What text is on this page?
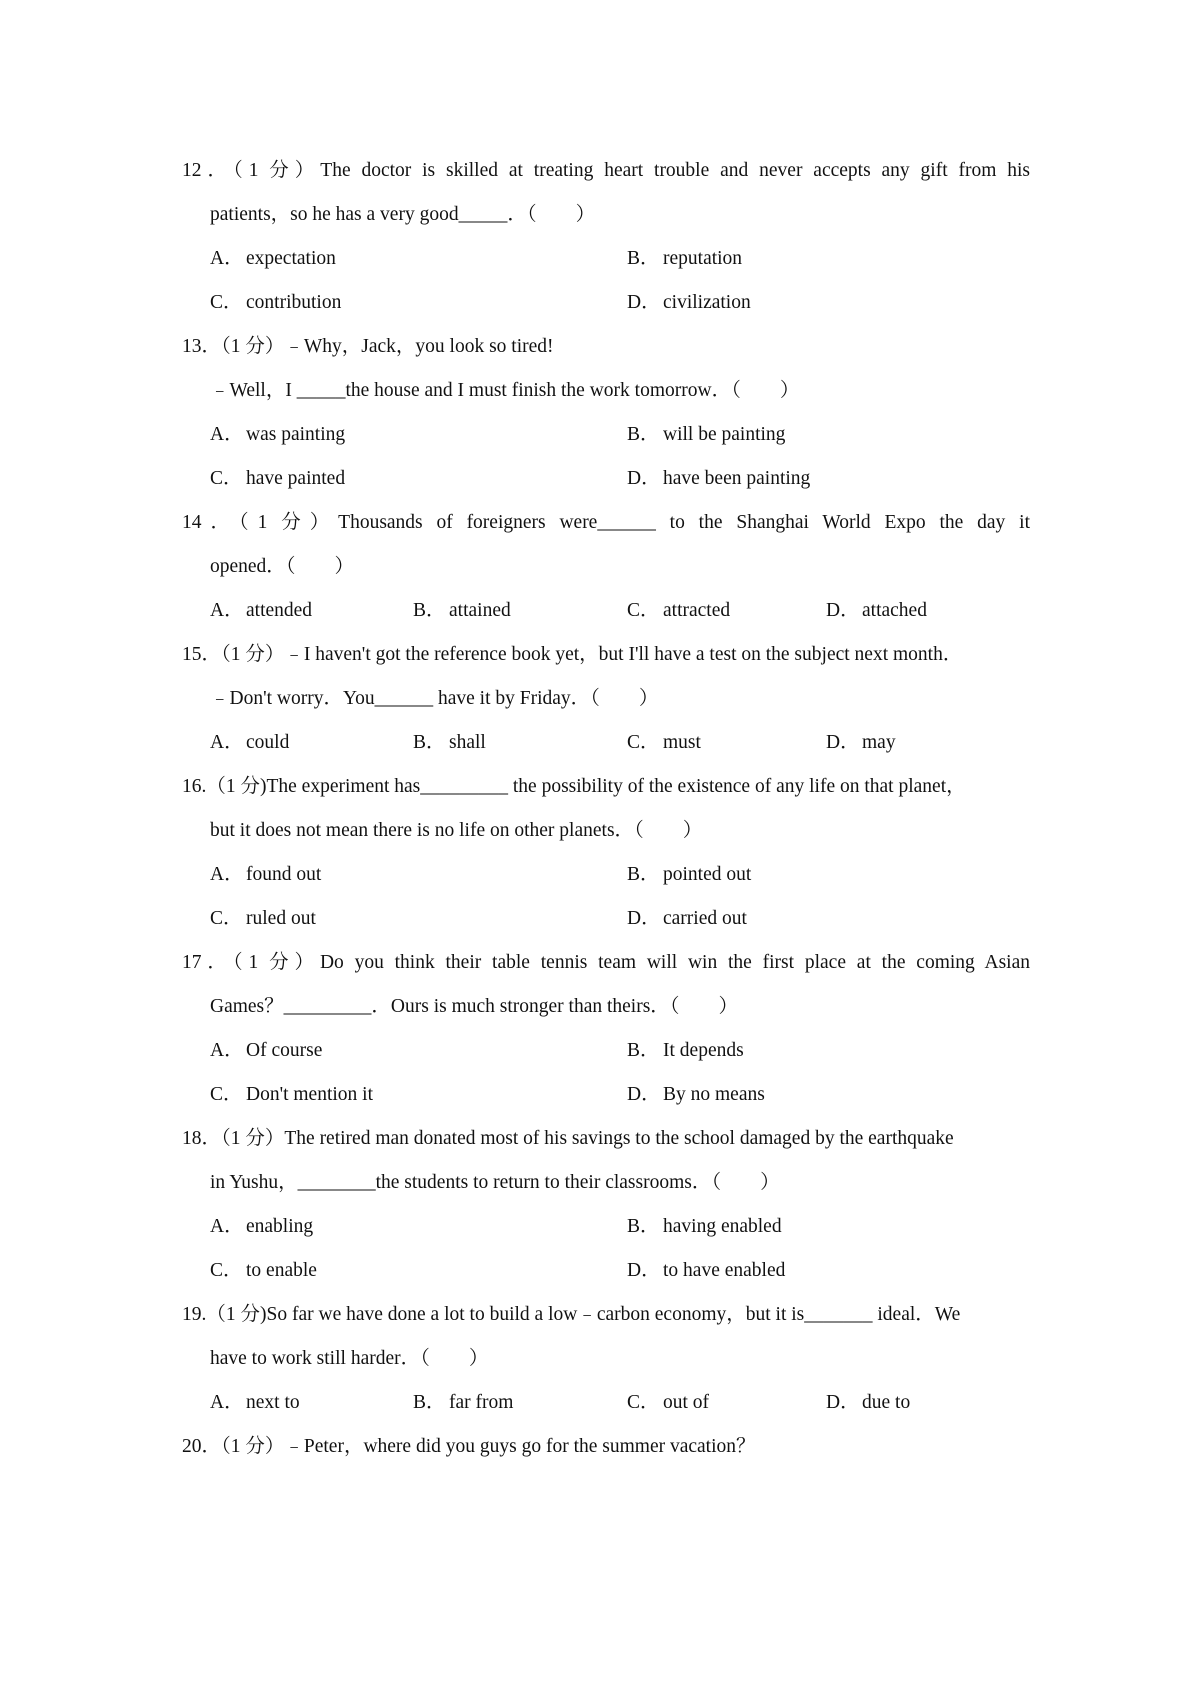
12．（1 分）The doctor is skilled at treating heart trouble and never accepts any gift from his
patients，so he has a very good_____．（　　）
A． expectation	B． reputation
C． contribution	D． civilization
13．（1 分）﹣Why，Jack，you look so tired!
﹣Well，I _____the house and I must finish the work tomorrow．（　　）
A． was painting	B． will be painting
C． have painted	D． have been painting
14．（1 分）Thousands of foreigners were______ to the Shanghai World Expo the day it
opened．（　　）
A． attended	B． attained	C． attracted	D． attached
15．（1 分）﹣I haven't got the reference book yet，but I'll have a test on the subject next month．
﹣Don't worry．You______ have it by Friday．（　　）
A． could	B． shall	C． must	D． may
16.（1 分)The experiment has_________ the possibility of the existence of any life on that planet，
but it does not mean there is no life on other planets．（　　）
A． found out	B． pointed out
C． ruled out	D． carried out
17．（1 分）Do you think their table tennis team will win the first place at the coming Asian
Games？_________．Ours is much stronger than theirs．（　　）
A． Of course	B． It depends
C． Don't mention it	D． By no means
18．（1 分）The retired man donated most of his savings to the school damaged by the earthquake
in Yushu，________the students to return to their classrooms．（　　）
A． enabling	B． having enabled
C． to enable	D． to have enabled
19.（1 分)So far we have done a lot to build a low﹣carbon economy，but it is_______ ideal．We
have to work still harder．（　　）
A． next to	B． far from	C． out of	D． due to
20．（1 分）﹣Peter，where did you guys go for the summer vacation？
